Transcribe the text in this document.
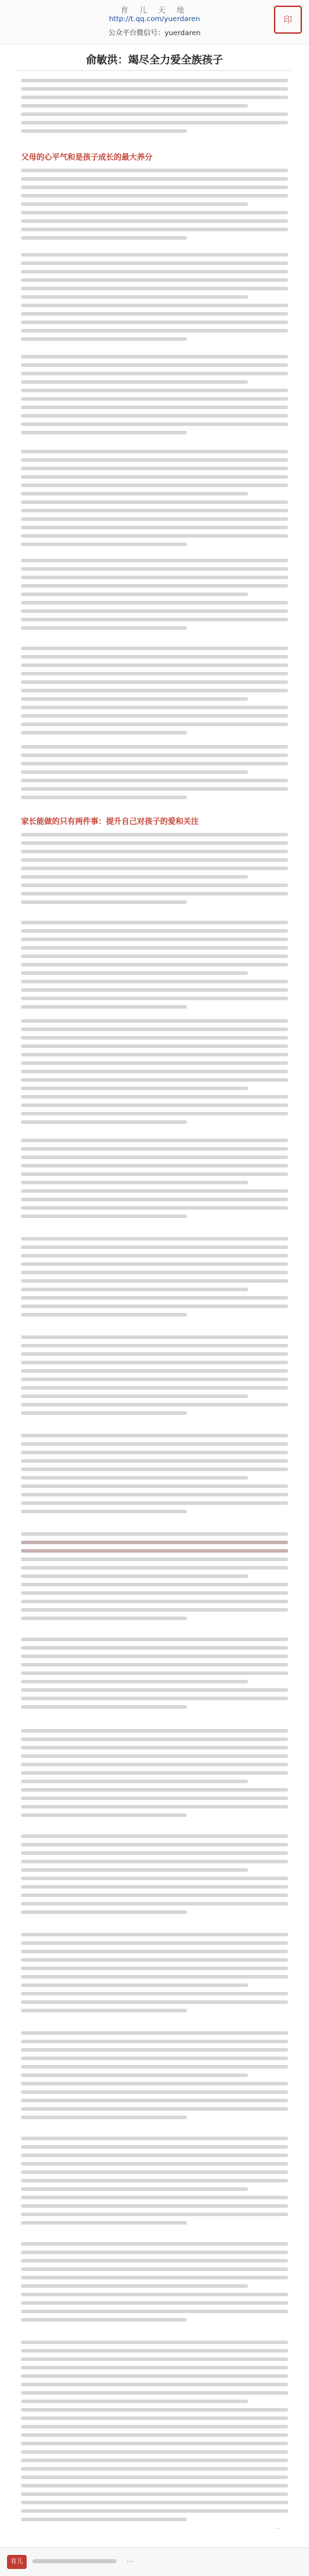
育 儿 天 地
http://t.qq.com/yuerdaren
公众平台微信号：yuerdaren
印
俞敏洪：竭尽全力爱全族孩子
父母的心平气和是孩子成长的最大养分
家长能做的只有两件事：提升自己对孩子的爱和关注
…
育儿	…
